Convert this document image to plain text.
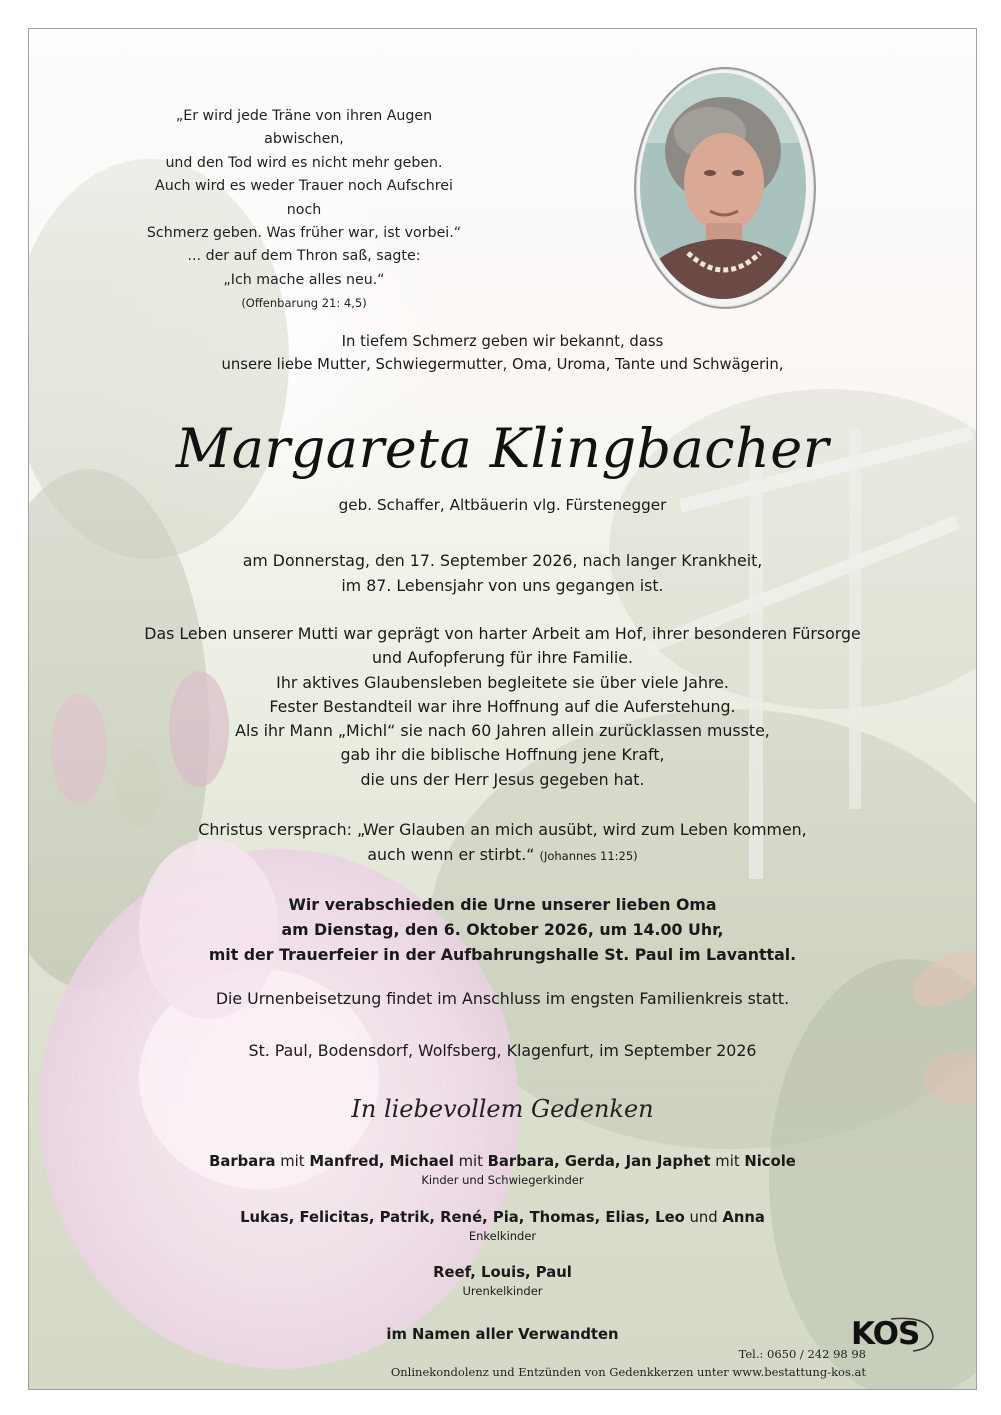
„Er wird jede Träne von ihren Augen abwischen,
und den Tod wird es nicht mehr geben.
Auch wird es weder Trauer noch Aufschrei noch
Schmerz geben. Was früher war, ist vorbei.“
... der auf dem Thron saß, sagte:
„Ich mache alles neu.“
(Offenbarung 21: 4,5)
In tiefem Schmerz geben wir bekannt, dass
unsere liebe Mutter, Schwiegermutter, Oma, Uroma, Tante und Schwägerin,
Margareta Klingbacher
geb. Schaffer, Altbäuerin vlg. Fürstenegger
am Donnerstag, den 17. September 2026, nach langer Krankheit,
im 87. Lebensjahr von uns gegangen ist.
Das Leben unserer Mutti war geprägt von harter Arbeit am Hof, ihrer besonderen Fürsorge
und Aufopferung für ihre Familie.
Ihr aktives Glaubensleben begleitete sie über viele Jahre.
Fester Bestandteil war ihre Hoffnung auf die Auferstehung.
Als ihr Mann „Michl“ sie nach 60 Jahren allein zurücklassen musste,
gab ihr die biblische Hoffnung jene Kraft,
die uns der Herr Jesus gegeben hat.
Christus versprach: „Wer Glauben an mich ausübt, wird zum Leben kommen,
auch wenn er stirbt.“ (Johannes 11:25)
Wir verabschieden die Urne unserer lieben Oma
am Dienstag, den 6. Oktober 2026, um 14.00 Uhr,
mit der Trauerfeier in der Aufbahrungshalle St. Paul im Lavanttal.
Die Urnenbeisetzung findet im Anschluss im engsten Familienkreis statt.
St. Paul, Bodensdorf, Wolfsberg, Klagenfurt, im September 2026
In liebevollem Gedenken
Barbara mit Manfred, Michael mit Barbara, Gerda, Jan Japhet mit Nicole
Kinder und Schwiegerkinder
Lukas, Felicitas, Patrik, René, Pia, Thomas, Elias, Leo und Anna
Enkelkinder
Reef, Louis, Paul
Urenkelkinder
im Namen aller Verwandten
Tel.: 0650 / 242 98 98
Onlinekondolenz und Entzünden von Gedenkkerzen unter www.bestattung-kos.at
KOS
